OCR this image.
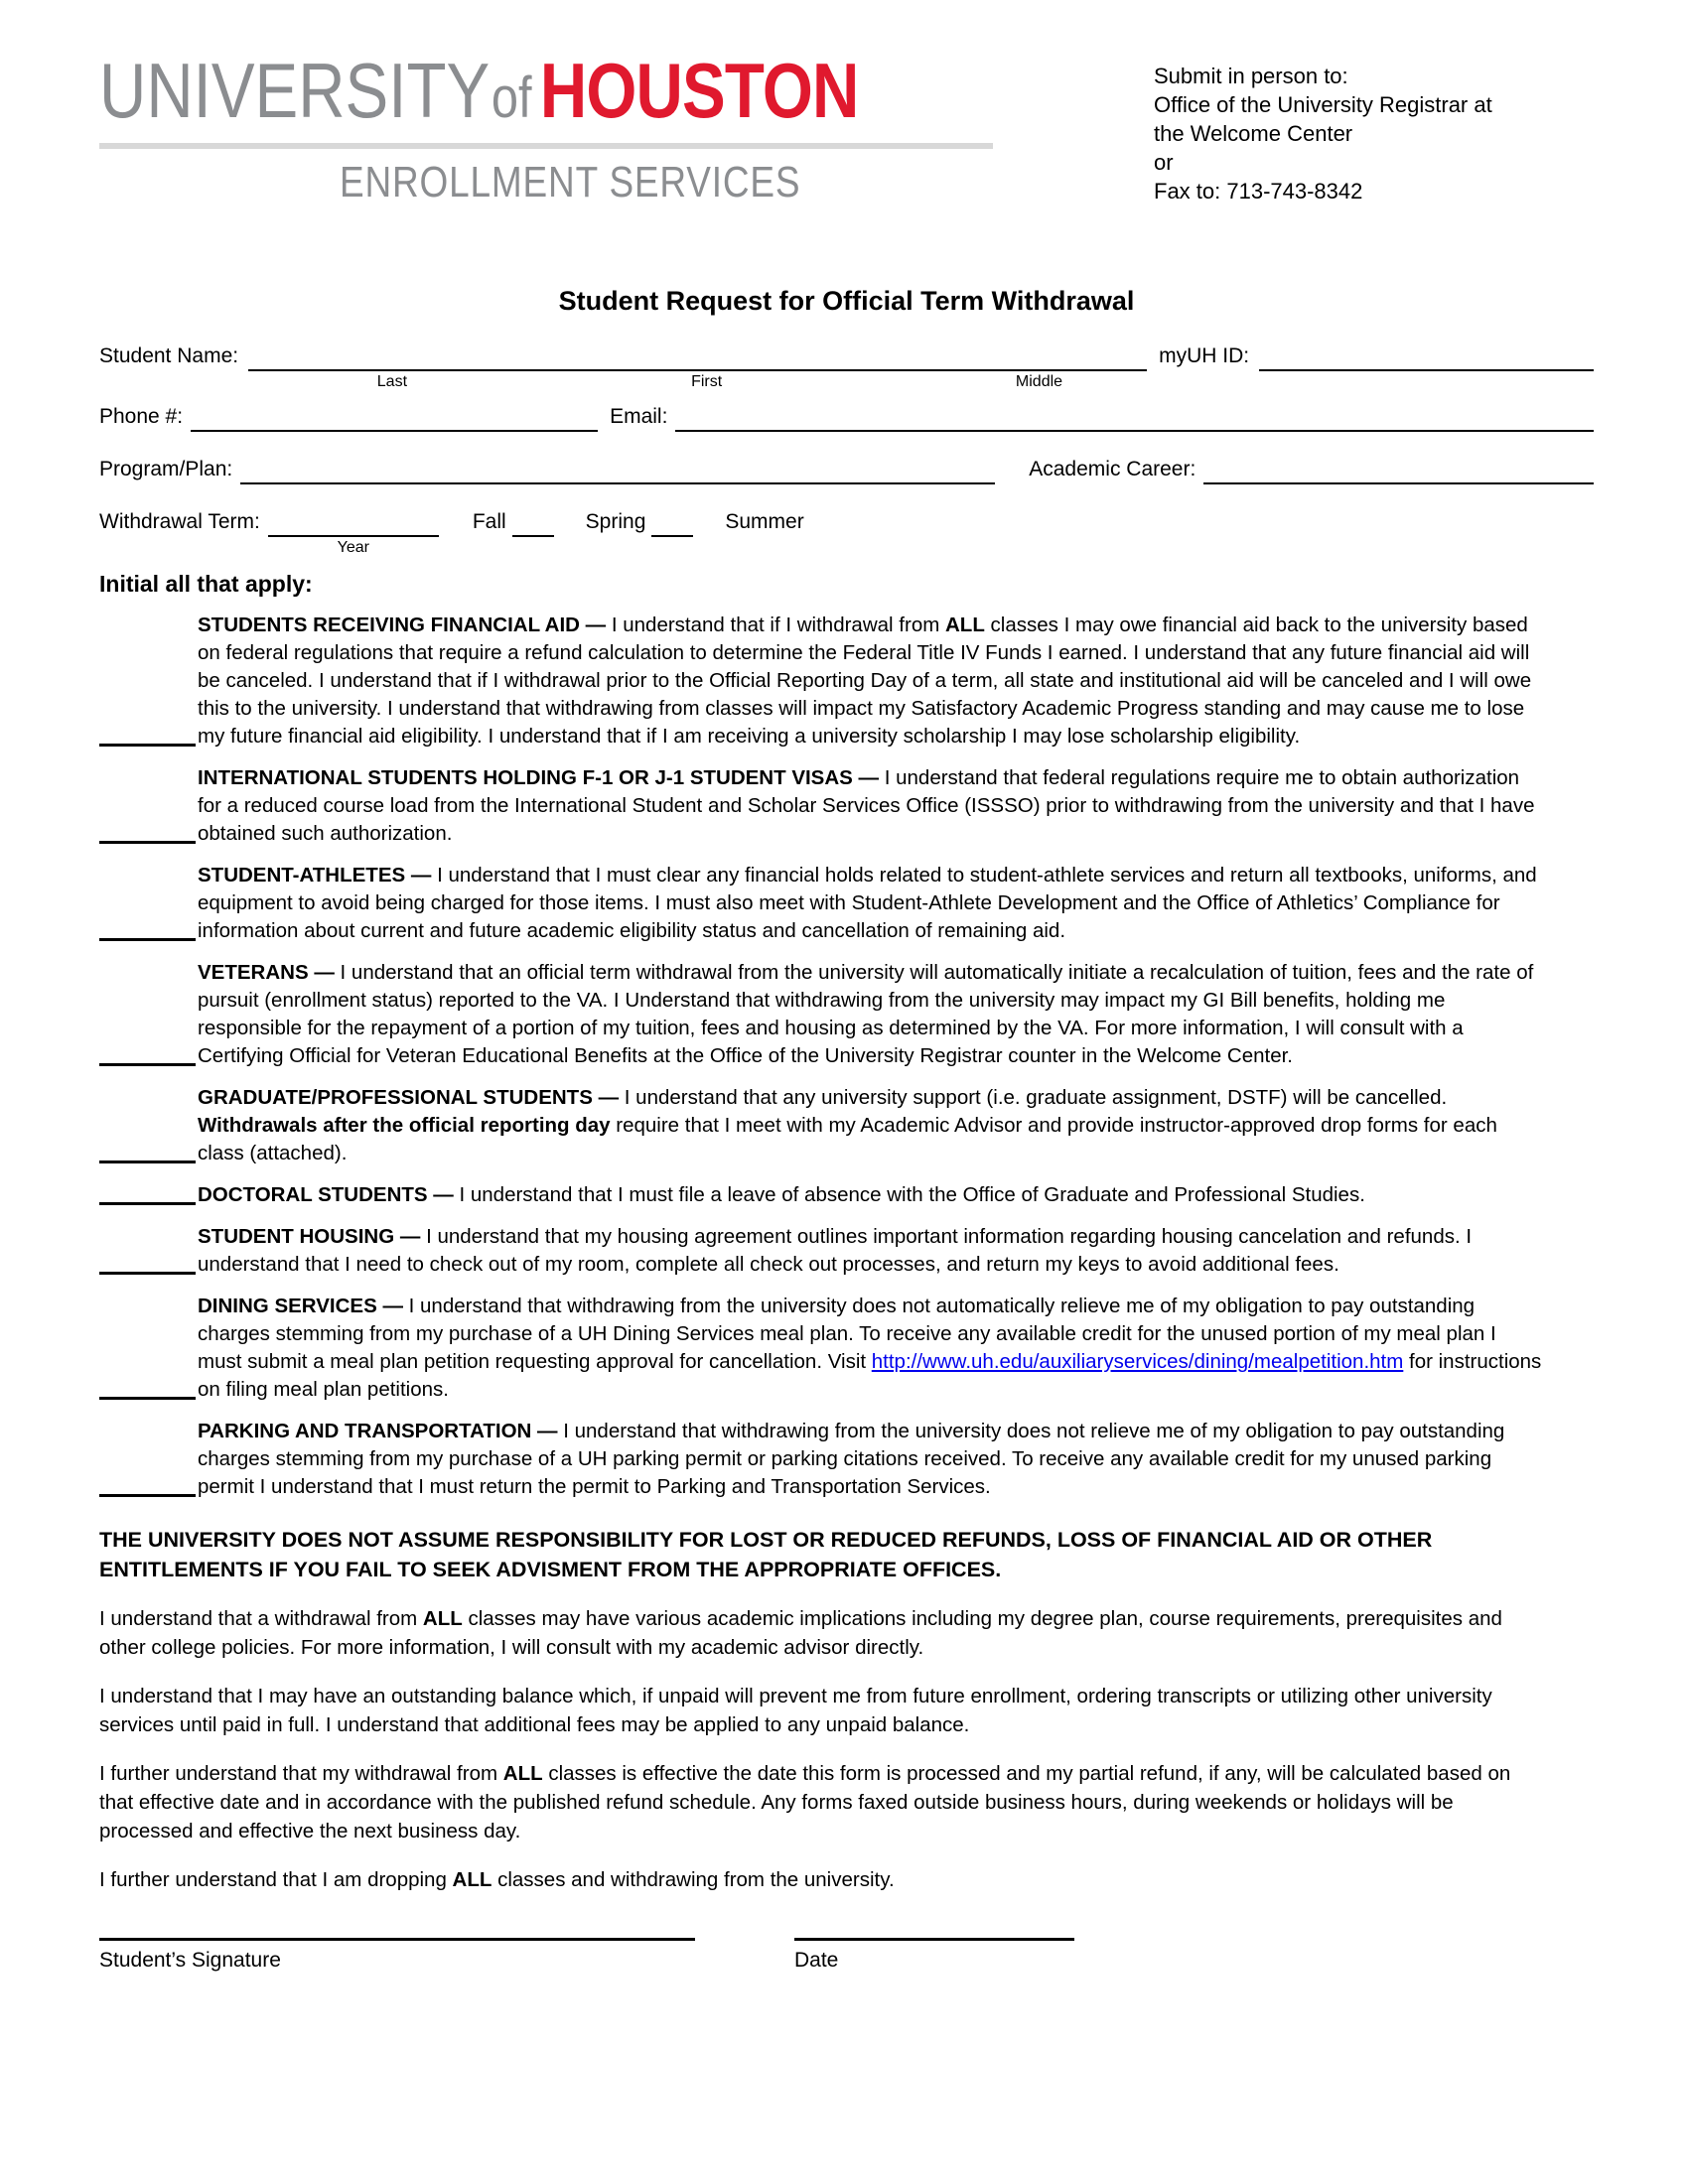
UNIVERSITYof HOUSTON
ENROLLMENT SERVICES
Submit in person to:
Office of the University Registrar at
the Welcome Center
or
Fax to: 713-743-8342
Student Request for Official Term Withdrawal
Student Name:
Last	First	Middle
myUH ID:
Phone #:	Email:
Program/Plan:	Academic Career:
Withdrawal Term:
Year
Fall	Spring	Summer
Initial all that apply:
STUDENTS RECEIVING FINANCIAL AID — I understand that if I withdrawal from ALL classes I may owe financial aid back to the university based on federal regulations that require a refund calculation to determine the Federal Title IV Funds I earned. I understand that any future financial aid will be canceled. I understand that if I withdrawal prior to the Official Reporting Day of a term, all state and institutional aid will be canceled and I will owe this to the university. I understand that withdrawing from classes will impact my Satisfactory Academic Progress standing and may cause me to lose my future financial aid eligibility. I understand that if I am receiving a university scholarship I may lose scholarship eligibility.
INTERNATIONAL STUDENTS HOLDING F-1 OR J-1 STUDENT VISAS — I understand that federal regulations require me to obtain authorization for a reduced course load from the International Student and Scholar Services Office (ISSSO) prior to withdrawing from the university and that I have obtained such authorization.
STUDENT-ATHLETES — I understand that I must clear any financial holds related to student-athlete services and return all textbooks, uniforms, and equipment to avoid being charged for those items. I must also meet with Student-Athlete Development and the Office of Athletics’ Compliance for information about current and future academic eligibility status and cancellation of remaining aid.
VETERANS — I understand that an official term withdrawal from the university will automatically initiate a recalculation of tuition, fees and the rate of pursuit (enrollment status) reported to the VA. I Understand that withdrawing from the university may impact my GI Bill benefits, holding me responsible for the repayment of a portion of my tuition, fees and housing as determined by the VA. For more information, I will consult with a Certifying Official for Veteran Educational Benefits at the Office of the University Registrar counter in the Welcome Center.
GRADUATE/PROFESSIONAL STUDENTS — I understand that any university support (i.e. graduate assignment, DSTF) will be cancelled. Withdrawals after the official reporting day require that I meet with my Academic Advisor and provide instructor-approved drop forms for each class (attached).
DOCTORAL STUDENTS — I understand that I must file a leave of absence with the Office of Graduate and Professional Studies.
STUDENT HOUSING — I understand that my housing agreement outlines important information regarding housing cancelation and refunds. I understand that I need to check out of my room, complete all check out processes, and return my keys to avoid additional fees.
DINING SERVICES — I understand that withdrawing from the university does not automatically relieve me of my obligation to pay outstanding charges stemming from my purchase of a UH Dining Services meal plan. To receive any available credit for the unused portion of my meal plan I must submit a meal plan petition requesting approval for cancellation. Visit http://www.uh.edu/auxiliaryservices/dining/mealpetition.htm for instructions on filing meal plan petitions.
PARKING AND TRANSPORTATION — I understand that withdrawing from the university does not relieve me of my obligation to pay outstanding charges stemming from my purchase of a UH parking permit or parking citations received. To receive any available credit for my unused parking permit I understand that I must return the permit to Parking and Transportation Services.

THE UNIVERSITY DOES NOT ASSUME RESPONSIBILITY FOR LOST OR REDUCED REFUNDS, LOSS OF FINANCIAL AID OR OTHER ENTITLEMENTS IF YOU FAIL TO SEEK ADVISMENT FROM THE APPROPRIATE OFFICES.

I understand that a withdrawal from ALL classes may have various academic implications including my degree plan, course requirements, prerequisites and other college policies. For more information, I will consult with my academic advisor directly.

I understand that I may have an outstanding balance which, if unpaid will prevent me from future enrollment, ordering transcripts or utilizing other university services until paid in full. I understand that additional fees may be applied to any unpaid balance.

I further understand that my withdrawal from ALL classes is effective the date this form is processed and my partial refund, if any, will be calculated based on that effective date and in accordance with the published refund schedule. Any forms faxed outside business hours, during weekends or holidays will be processed and effective the next business day.

I further understand that I am dropping ALL classes and withdrawing from the university.

Student’s Signature	Date
